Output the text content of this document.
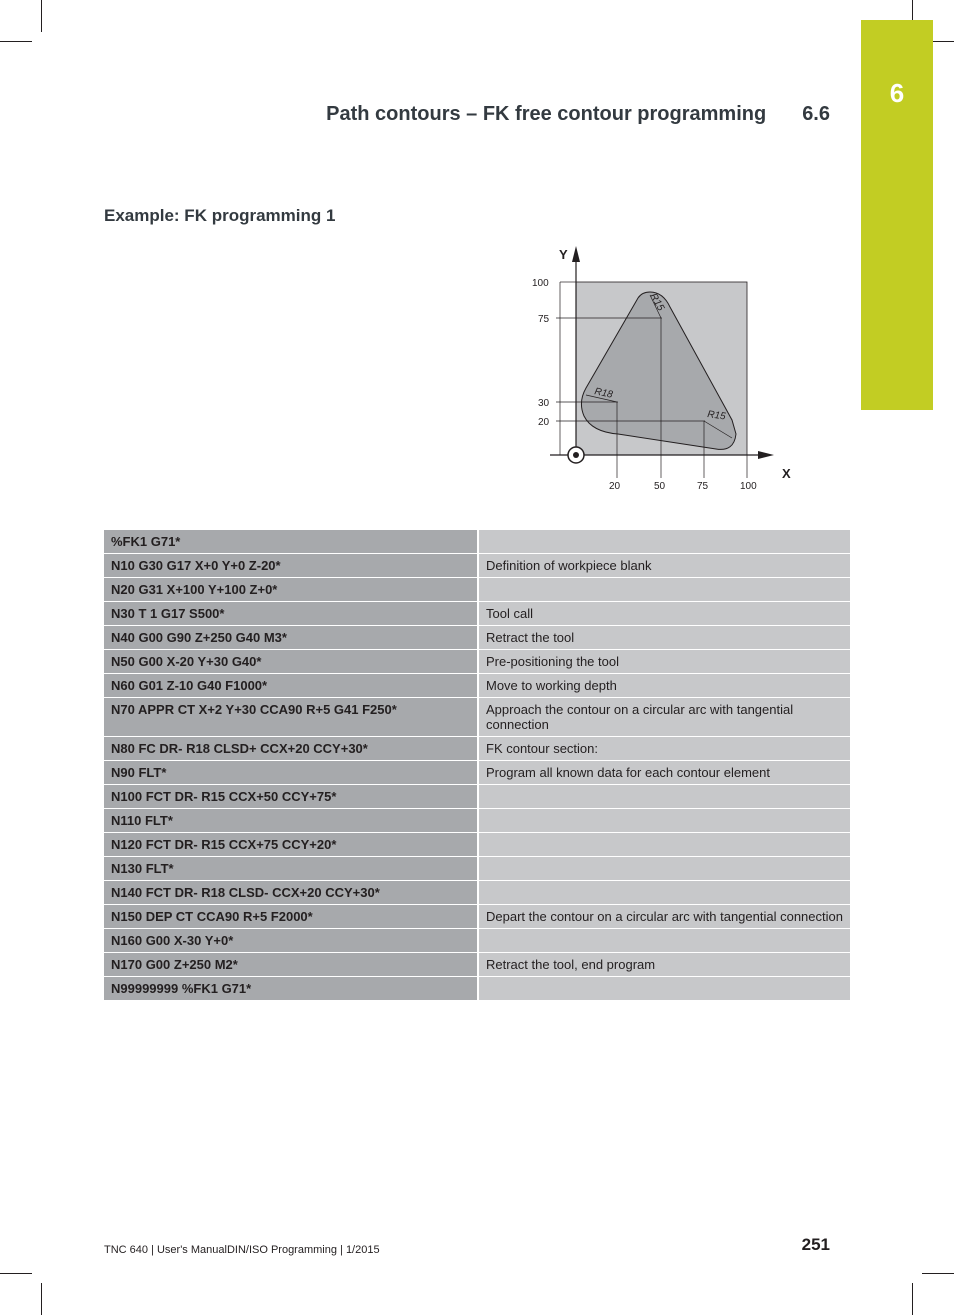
6
Path contours – FK free contour programming 6.6
Example: FK programming 1
Y
X
100
75
30
20
20	50	75	100
R15
R18
R15
%FK1 G71*	
N10 G30 G17 X+0 Y+0 Z-20*	Definition of workpiece blank
N20 G31 X+100 Y+100 Z+0*	
N30 T 1 G17 S500*	Tool call
N40 G00 G90 Z+250 G40 M3*	Retract the tool
N50 G00 X-20 Y+30 G40*	Pre-positioning the tool
N60 G01 Z-10 G40 F1000*	Move to working depth
N70 APPR CT X+2 Y+30 CCA90 R+5 G41 F250*	Approach the contour on a circular arc with tangential connection
N80 FC DR- R18 CLSD+ CCX+20 CCY+30*	FK contour section:
N90 FLT*	Program all known data for each contour element
N100 FCT DR- R15 CCX+50 CCY+75*	
N110 FLT*	
N120 FCT DR- R15 CCX+75 CCY+20*	
N130 FLT*	
N140 FCT DR- R18 CLSD- CCX+20 CCY+30*	
N150 DEP CT CCA90 R+5 F2000*	Depart the contour on a circular arc with tangential connection
N160 G00 X-30 Y+0*	
N170 G00 Z+250 M2*	Retract the tool, end program
N99999999 %FK1 G71*	
TNC 640 | User's ManualDIN/ISO Programming | 1/2015	251
